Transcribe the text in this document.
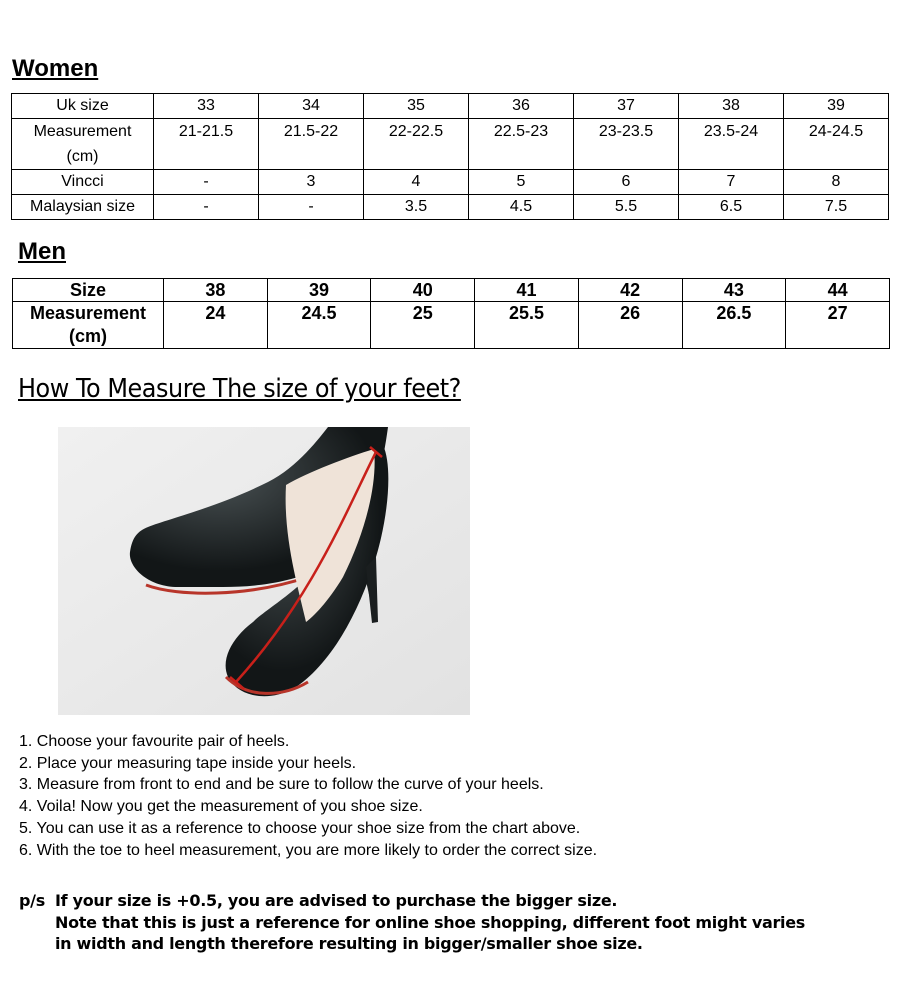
Women
Uk size	33	34	35	36	37	38	39
Measurement
(cm)	21-21.5	21.5-22	22-22.5	22.5-23	23-23.5	23.5-24	24-24.5
Vincci	-	3	4	5	6	7	8
Malaysian size	-	-	3.5	4.5	5.5	6.5	7.5
Men
Size	38	39	40	41	42	43	44
Measurement
(cm)	24	24.5	25	25.5	26	26.5	27
How To Measure The size of your feet?
1. Choose your favourite pair of heels.
2. Place your measuring tape inside your heels.
3. Measure from front to end and be sure to follow the curve of your heels.
4. Voila! Now you get the measurement of you shoe size.
5. You can use it as a reference to choose your shoe size from the chart above.
6. With the toe to heel measurement, you are more likely to order the correct size.
p/s If your size is +0.5, you are advised to purchase the bigger size.
Note that this is just a reference for online shoe shopping, different foot might varies
in width and length therefore resulting in bigger/smaller shoe size.
